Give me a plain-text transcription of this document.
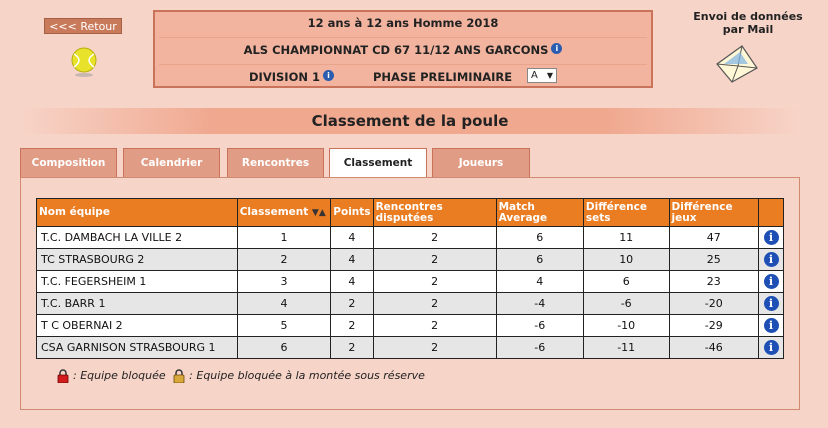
<<< Retour	12 ans à 12 ans Homme 2018
ALS CHAMPIONNAT CD 67 11/12 ANS GARCONS i
DIVISION 1 i	PHASE PRELIMINAIRE	A ▼
Envoi de données
par Mail
Classement de la poule
Composition	Calendrier	Rencontres	Classement	Joueurs
Nom équipe	Classement ▼▲	Points	Rencontres disputées	Match Average	Différence sets	Différence jeux	
T.C. DAMBACH LA VILLE 2	1	4	2	6	11	47	i
TC STRASBOURG 2	2	4	2	6	10	25	i
T.C. FEGERSHEIM 1	3	4	2	4	6	23	i
T.C. BARR 1	4	2	2	-4	-6	-20	i
T C OBERNAI 2	5	2	2	-6	-10	-29	i
CSA GARNISON STRASBOURG 1	6	2	2	-6	-11	-46	i
: Equipe bloquée : Equipe bloquée à la montée sous réserve
